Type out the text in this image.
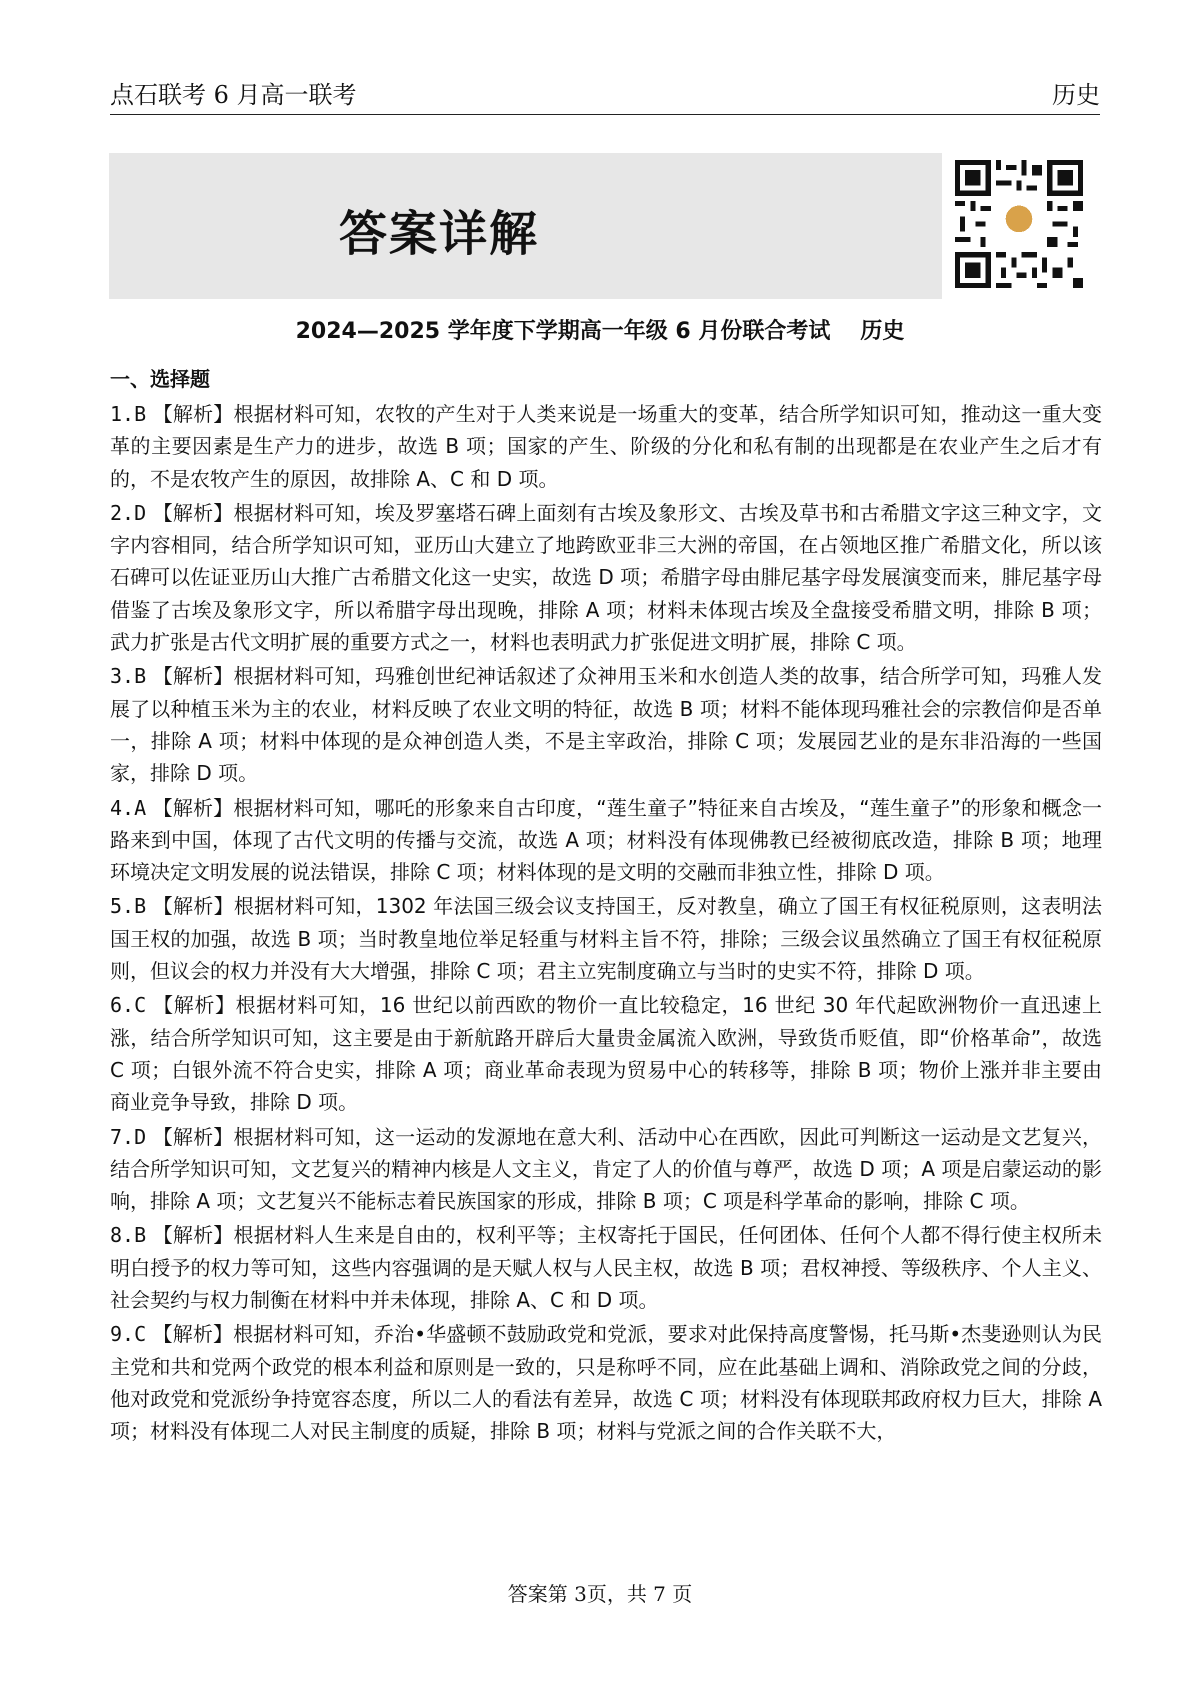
点石联考 6 月高一联考	历史
答案详解
2024—2025 学年度下学期高一年级 6 月份联合考试 历史
一、选择题

1.B 【解析】根据材料可知，农牧的产生对于人类来说是一场重大的变革，结合所学知识可知，推动这一重大变革的主要因素是生产力的进步，故选 B 项；国家的产生、阶级的分化和私有制的出现都是在农业产生之后才有的，不是农牧产生的原因，故排除 A、C 和 D 项。

2.D 【解析】根据材料可知，埃及罗塞塔石碑上面刻有古埃及象形文、古埃及草书和古希腊文字这三种文字，文字内容相同，结合所学知识可知，亚历山大建立了地跨欧亚非三大洲的帝国，在占领地区推广希腊文化，所以该石碑可以佐证亚历山大推广古希腊文化这一史实，故选 D 项；希腊字母由腓尼基字母发展演变而来，腓尼基字母借鉴了古埃及象形文字，所以希腊字母出现晚，排除 A 项；材料未体现古埃及全盘接受希腊文明，排除 B 项；武力扩张是古代文明扩展的重要方式之一，材料也表明武力扩张促进文明扩展，排除 C 项。

3.B 【解析】根据材料可知，玛雅创世纪神话叙述了众神用玉米和水创造人类的故事，结合所学可知，玛雅人发展了以种植玉米为主的农业，材料反映了农业文明的特征，故选 B 项；材料不能体现玛雅社会的宗教信仰是否单一，排除 A 项；材料中体现的是众神创造人类，不是主宰政治，排除 C 项；发展园艺业的是东非沿海的一些国家，排除 D 项。

4.A 【解析】根据材料可知，哪吒的形象来自古印度，“莲生童子”特征来自古埃及，“莲生童子”的形象和概念一路来到中国，体现了古代文明的传播与交流，故选 A 项；材料没有体现佛教已经被彻底改造，排除 B 项；地理环境决定文明发展的说法错误，排除 C 项；材料体现的是文明的交融而非独立性，排除 D 项。

5.B 【解析】根据材料可知，1302 年法国三级会议支持国王，反对教皇，确立了国王有权征税原则，这表明法国王权的加强，故选 B 项；当时教皇地位举足轻重与材料主旨不符，排除；三级会议虽然确立了国王有权征税原则，但议会的权力并没有大大增强，排除 C 项；君主立宪制度确立与当时的史实不符，排除 D 项。

6.C 【解析】根据材料可知，16 世纪以前西欧的物价一直比较稳定，16 世纪 30 年代起欧洲物价一直迅速上涨，结合所学知识可知，这主要是由于新航路开辟后大量贵金属流入欧洲，导致货币贬值，即“价格革命”，故选 C 项；白银外流不符合史实，排除 A 项；商业革命表现为贸易中心的转移等，排除 B 项；物价上涨并非主要由商业竞争导致，排除 D 项。

7.D 【解析】根据材料可知，这一运动的发源地在意大利、活动中心在西欧，因此可判断这一运动是文艺复兴，结合所学知识可知，文艺复兴的精神内核是人文主义，肯定了人的价值与尊严，故选 D 项；A 项是启蒙运动的影响，排除 A 项；文艺复兴不能标志着民族国家的形成，排除 B 项；C 项是科学革命的影响，排除 C 项。

8.B 【解析】根据材料人生来是自由的，权利平等；主权寄托于国民，任何团体、任何个人都不得行使主权所未明白授予的权力等可知，这些内容强调的是天赋人权与人民主权，故选 B 项；君权神授、等级秩序、个人主义、社会契约与权力制衡在材料中并未体现，排除 A、C 和 D 项。

9.C 【解析】根据材料可知，乔治•华盛顿不鼓励政党和党派，要求对此保持高度警惕，托马斯•杰斐逊则认为民主党和共和党两个政党的根本利益和原则是一致的，只是称呼不同，应在此基础上调和、消除政党之间的分歧，他对政党和党派纷争持宽容态度，所以二人的看法有差异，故选 C 项；材料没有体现联邦政府权力巨大，排除 A 项；材料没有体现二人对民主制度的质疑，排除 B 项；材料与党派之间的合作关联不大，

答案第 3页，共 7 页
